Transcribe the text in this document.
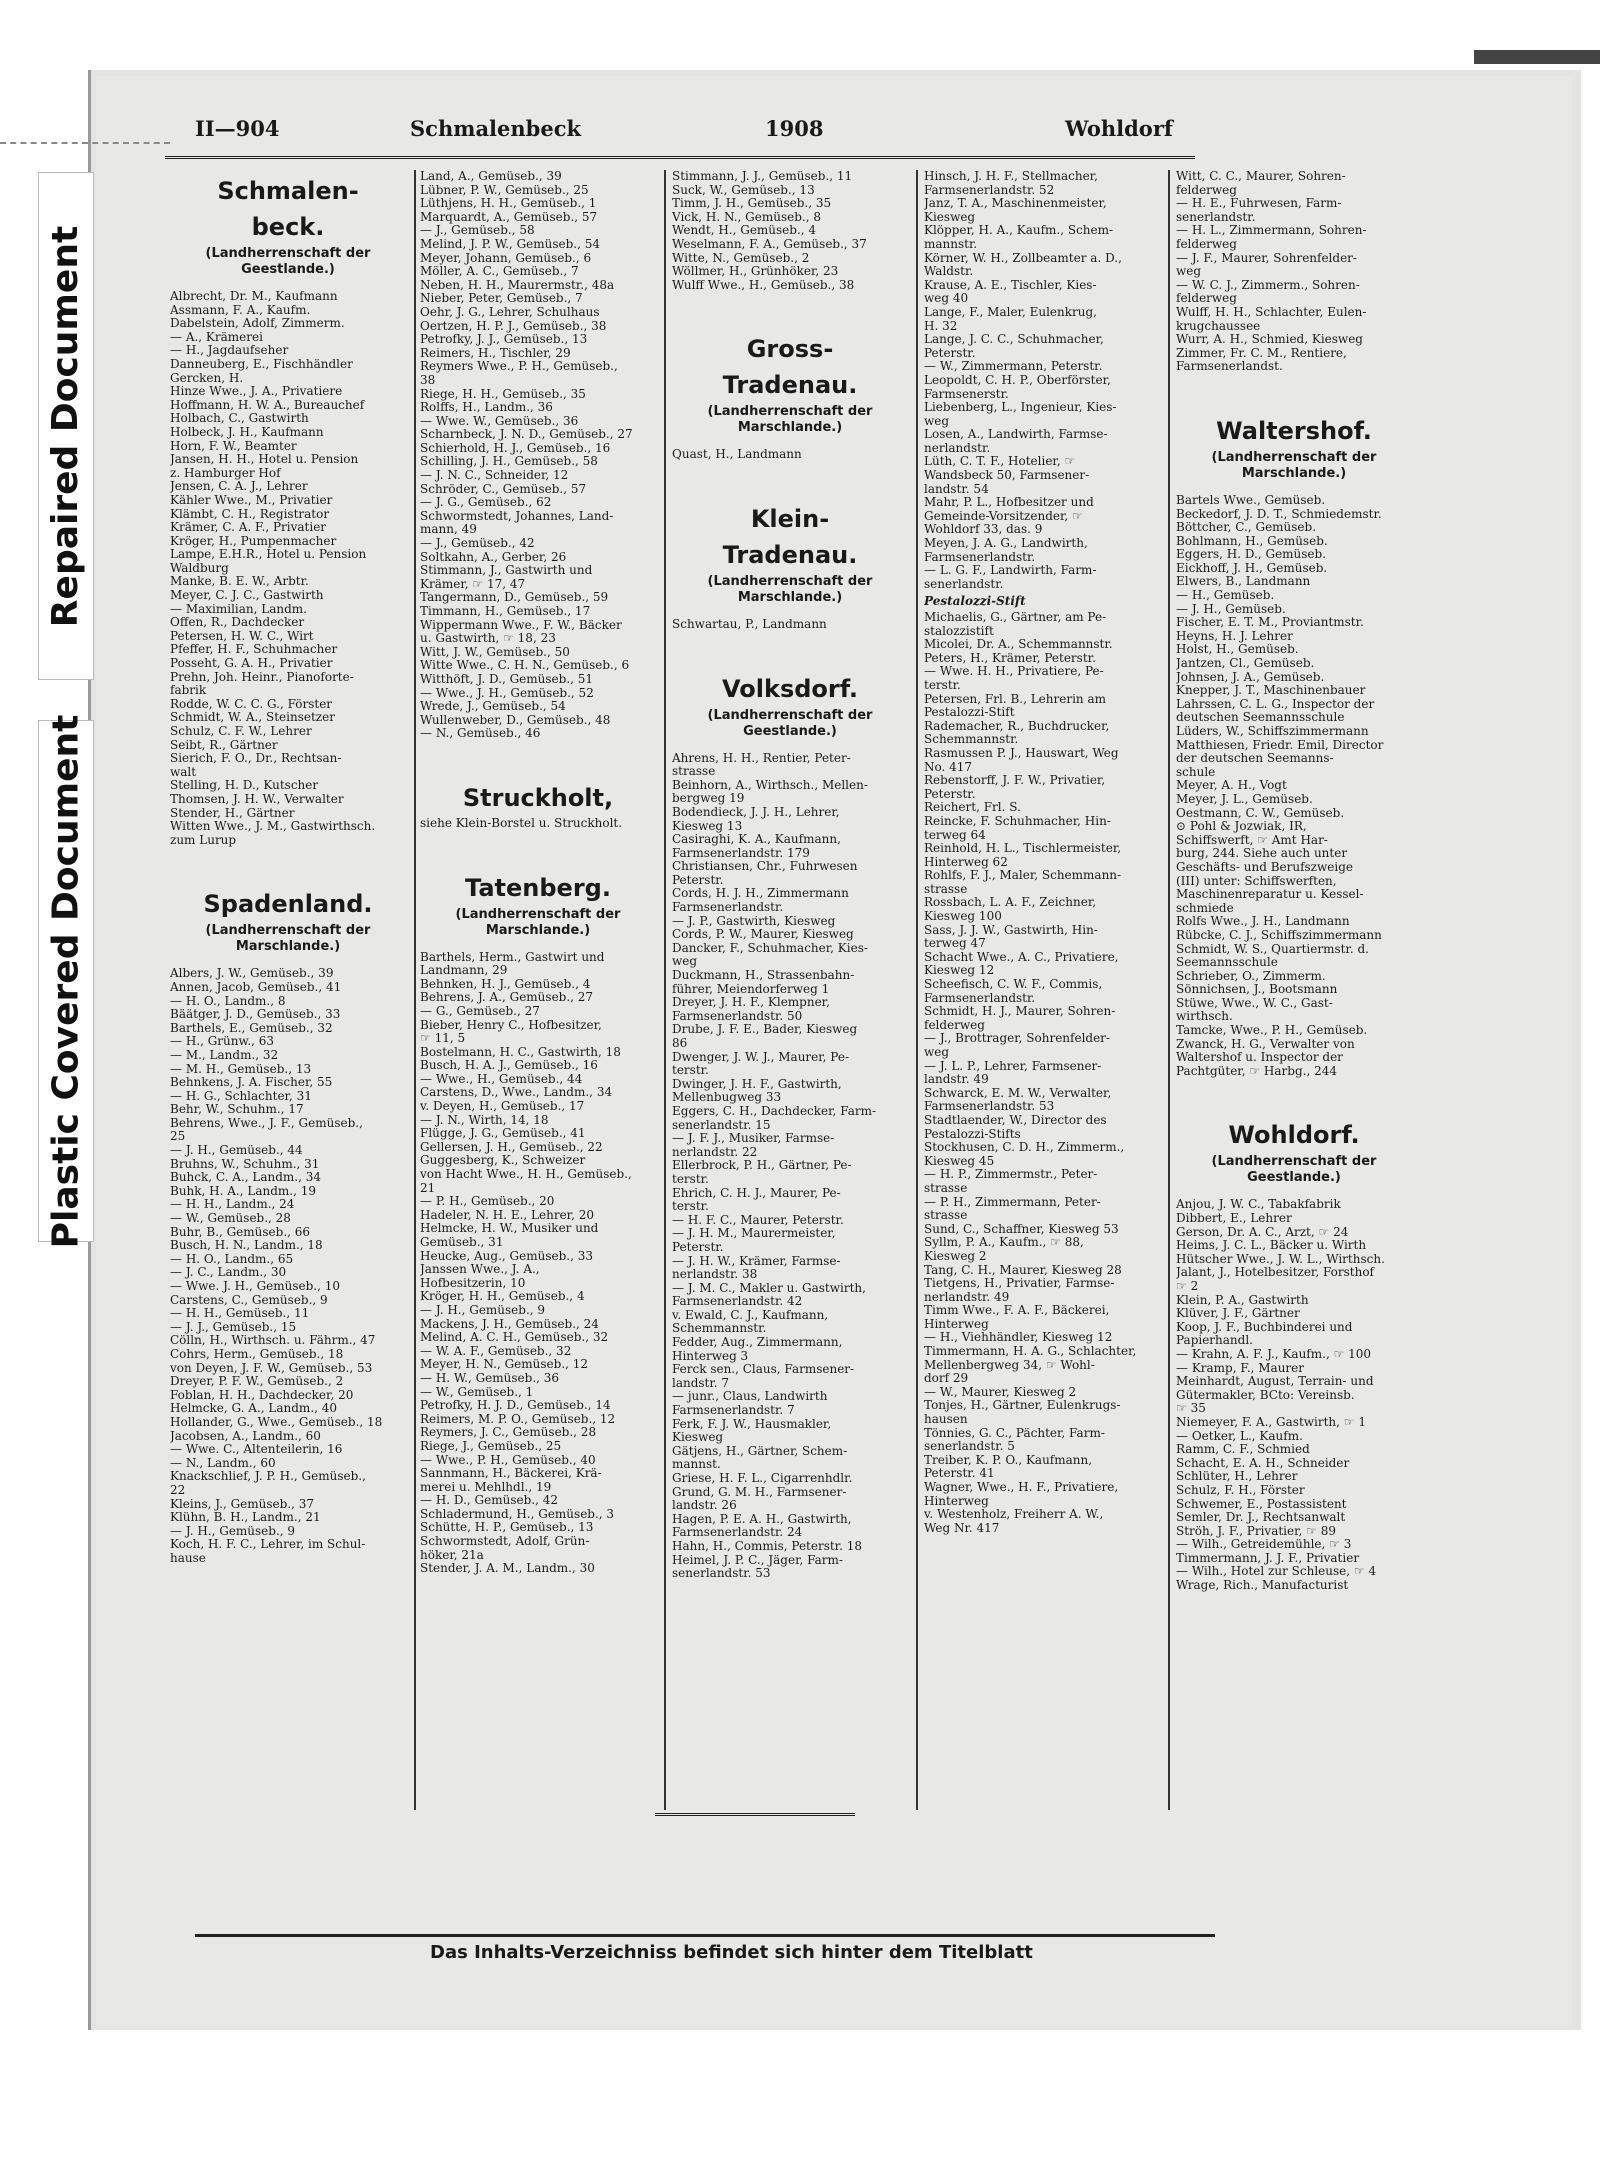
Repaired Document
Plastic Covered Document
II—904	Schmalenbeck	1908	Wohldorf
Schmalen-
beck.
(Landherrenschaft der Geestlande.)
Albrecht, Dr. M., Kaufmann
Assmann, F. A., Kaufm.
Dabelstein, Adolf, Zimmerm.
— A., Krämerei
— H., Jagdaufseher
Danneuberg, E., Fischhändler
Gercken, H.
Hinze Wwe., J. A., Privatiere
Hoffmann, H. W. A., Bureauchef
Holbach, C., Gastwirth
Holbeck, J. H., Kaufmann
Horn, F. W., Beamter
Jansen, H. H., Hotel u. Pension
z. Hamburger Hof
Jensen, C. A. J., Lehrer
Kähler Wwe., M., Privatier
Klämbt, C. H., Registrator
Krämer, C. A. F., Privatier
Kröger, H., Pumpenmacher
Lampe, E.H.R., Hotel u. Pension
Waldburg
Manke, B. E. W., Arbtr.
Meyer, C. J. C., Gastwirth
— Maximilian, Landm.
Offen, R., Dachdecker
Petersen, H. W. C., Wirt
Pfeffer, H. F., Schuhmacher
Posseht, G. A. H., Privatier
Prehn, Joh. Heinr., Pianoforte-
fabrik
Rodde, W. C. C. G., Förster
Schmidt, W. A., Steinsetzer
Schulz, C. F. W., Lehrer
Seibt, R., Gärtner
Sierich, F. O., Dr., Rechtsan-
walt
Stelling, H. D., Kutscher
Thomsen, J. H. W., Verwalter
Stender, H., Gärtner
Witten Wwe., J. M., Gastwirthsch.
zum Lurup
Spadenland.
(Landherrenschaft der Marschlande.)
Albers, J. W., Gemüseb., 39
Annen, Jacob, Gemüseb., 41
— H. O., Landm., 8
Bäätger, J. D., Gemüseb., 33
Barthels, E., Gemüseb., 32
— H., Grünw., 63
— M., Landm., 32
— M. H., Gemüseb., 13
Behnkens, J. A. Fischer, 55
— H. G., Schlachter, 31
Behr, W., Schuhm., 17
Behrens, Wwe., J. F., Gemüseb.,
25
— J. H., Gemüseb., 44
Bruhns, W., Schuhm., 31
Buhck, C. A., Landm., 34
Buhk, H. A., Landm., 19
— H. H., Landm., 24
— W., Gemüseb., 28
Buhr, B., Gemüseb., 66
Busch, H. N., Landm., 18
— H. O., Landm., 65
— J. C., Landm., 30
— Wwe. J. H., Gemüseb., 10
Carstens, C., Gemüseb., 9
— H. H., Gemüseb., 11
— J. J., Gemüseb., 15
Cölln, H., Wirthsch. u. Fährm., 47
Cohrs, Herm., Gemüseb., 18
von Deyen, J. F. W., Gemüseb., 53
Dreyer, P. F. W., Gemüseb., 2
Foblan, H. H., Dachdecker, 20
Helmcke, G. A., Landm., 40
Hollander, G., Wwe., Gemüseb., 18
Jacobsen, A., Landm., 60
— Wwe. C., Altenteilerin, 16
— N., Landm., 60
Knackschlief, J. P. H., Gemüseb.,
22
Kleins, J., Gemüseb., 37
Klühn, B. H., Landm., 21
— J. H., Gemüseb., 9
Koch, H. F. C., Lehrer, im Schul-
hause
Land, A., Gemüseb., 39
Lübner, P. W., Gemüseb., 25
Lüthjens, H. H., Gemüseb., 1
Marquardt, A., Gemüseb., 57
— J., Gemüseb., 58
Melind, J. P. W., Gemüseb., 54
Meyer, Johann, Gemüseb., 6
Möller, A. C., Gemüseb., 7
Neben, H. H., Maurermstr., 48a
Nieber, Peter, Gemüseb., 7
Oehr, J. G., Lehrer, Schulhaus
Oertzen, H. P. J., Gemüseb., 38
Petrofky, J. J., Gemüseb., 13
Reimers, H., Tischler, 29
Reymers Wwe., P. H., Gemüseb.,
38
Riege, H. H., Gemüseb., 35
Rolffs, H., Landm., 36
— Wwe. W., Gemüseb., 36
Scharnbeck, J. N. D., Gemüseb., 27
Schierhold, H. J., Gemüseb., 16
Schilling, J. H., Gemüseb., 58
— J. N. C., Schneider, 12
Schröder, C., Gemüseb., 57
— J. G., Gemüseb., 62
Schwormstedt, Johannes, Land-
mann, 49
— J., Gemüseb., 42
Soltkahn, A., Gerber, 26
Stimmann, J., Gastwirth und
Krämer, ☞ 17, 47
Tangermann, D., Gemüseb., 59
Timmann, H., Gemüseb., 17
Wippermann Wwe., F. W., Bäcker
u. Gastwirth, ☞ 18, 23
Witt, J. W., Gemüseb., 50
Witte Wwe., C. H. N., Gemüseb., 6
Witthöft, J. D., Gemüseb., 51
— Wwe., J. H., Gemüseb., 52
Wrede, J., Gemüseb., 54
Wullenweber, D., Gemüseb., 48
— N., Gemüseb., 46
Struckholt,
siehe Klein-Borstel u. Struckholt.
Tatenberg.
(Landherrenschaft der Marschlande.)
Barthels, Herm., Gastwirt und
Landmann, 29
Behnken, H. J., Gemüseb., 4
Behrens, J. A., Gemüseb., 27
— G., Gemüseb., 27
Bieber, Henry C., Hofbesitzer,
☞ 11, 5
Bostelmann, H. C., Gastwirth, 18
Busch, H. A. J., Gemüseb., 16
— Wwe., H., Gemüseb., 44
Carstens, D., Wwe., Landm., 34
v. Deyen, H., Gemüseb., 17
— J. N., Wirth, 14, 18
Flügge, J. G., Gemüseb., 41
Gellersen, J. H., Gemüseb., 22
Guggesberg, K., Schweizer
von Hacht Wwe., H. H., Gemüseb.,
21
— P. H., Gemüseb., 20
Hadeler, N. H. E., Lehrer, 20
Helmcke, H. W., Musiker und
Gemüseb., 31
Heucke, Aug., Gemüseb., 33
Janssen Wwe., J. A.,
Hofbesitzerin, 10
Kröger, H. H., Gemüseb., 4
— J. H., Gemüseb., 9
Mackens, J. H., Gemüseb., 24
Melind, A. C. H., Gemüseb., 32
— W. A. F., Gemüseb., 32
Meyer, H. N., Gemüseb., 12
— H. W., Gemüseb., 36
— W., Gemüseb., 1
Petrofky, H. J. D., Gemüseb., 14
Reimers, M. P. O., Gemüseb., 12
Reymers, J. C., Gemüseb., 28
Riege, J., Gemüseb., 25
— Wwe., P. H., Gemüseb., 40
Sannmann, H., Bäckerei, Krä-
merei u. Mehlhdl., 19
— H. D., Gemüseb., 42
Schladermund, H., Gemüseb., 3
Schütte, H. P., Gemüseb., 13
Schwormstedt, Adolf, Grün-
höker, 21a
Stender, J. A. M., Landm., 30
Stimmann, J. J., Gemüseb., 11
Suck, W., Gemüseb., 13
Timm, J. H., Gemüseb., 35
Vick, H. N., Gemüseb., 8
Wendt, H., Gemüseb., 4
Weselmann, F. A., Gemüseb., 37
Witte, N., Gemüseb., 2
Wöllmer, H., Grünhöker, 23
Wulff Wwe., H., Gemüseb., 38
Gross-
Tradenau.
(Landherrenschaft der Marschlande.)
Quast, H., Landmann
Klein-
Tradenau.
(Landherrenschaft der Marschlande.)
Schwartau, P., Landmann
Volksdorf.
(Landherrenschaft der Geestlande.)
Ahrens, H. H., Rentier, Peter-
strasse
Beinhorn, A., Wirthsch., Mellen-
bergweg 19
Bodendieck, J. J. H., Lehrer,
Kiesweg 13
Casiraghi, K. A., Kaufmann,
Farmsenerlandstr. 179
Christiansen, Chr., Fuhrwesen
Peterstr.
Cords, H. J. H., Zimmermann
Farmsenerlandstr.
— J. P., Gastwirth, Kiesweg
Cords, P. W., Maurer, Kiesweg
Dancker, F., Schuhmacher, Kies-
weg
Duckmann, H., Strassenbahn-
führer, Meiendorferweg 1
Dreyer, J. H. F., Klempner,
Farmsenerlandstr. 50
Drube, J. F. E., Bader, Kiesweg
86
Dwenger, J. W. J., Maurer, Pe-
terstr.
Dwinger, J. H. F., Gastwirth,
Mellenbugweg 33
Eggers, C. H., Dachdecker, Farm-
senerlandstr. 15
— J. F. J., Musiker, Farmse-
nerlandstr. 22
Ellerbrock, P. H., Gärtner, Pe-
terstr.
Ehrich, C. H. J., Maurer, Pe-
terstr.
— H. F. C., Maurer, Peterstr.
— J. H. M., Maurermeister,
Peterstr.
— J. H. W., Krämer, Farmse-
nerlandstr. 38
— J. M. C., Makler u. Gastwirth,
Farmsenerlandstr. 42
v. Ewald, C. J., Kaufmann,
Schemmannstr.
Fedder, Aug., Zimmermann,
Hinterweg 3
Ferck sen., Claus, Farmsener-
landstr. 7
— junr., Claus, Landwirth
Farmsenerlandstr. 7
Ferk, F. J. W., Hausmakler,
Kiesweg
Gätjens, H., Gärtner, Schem-
mannst.
Griese, H. F. L., Cigarrenhdlr.
Grund, G. M. H., Farmsener-
landstr. 26
Hagen, P. E. A. H., Gastwirth,
Farmsenerlandstr. 24
Hahn, H., Commis, Peterstr. 18
Heimel, J. P. C., Jäger, Farm-
senerlandstr. 53
Hinsch, J. H. F., Stellmacher,
Farmsenerlandstr. 52
Janz, T. A., Maschinenmeister,
Kiesweg
Klöpper, H. A., Kaufm., Schem-
mannstr.
Körner, W. H., Zollbeamter a. D.,
Waldstr.
Krause, A. E., Tischler, Kies-
weg 40
Lange, F., Maler, Eulenkrug,
H. 32
Lange, J. C. C., Schuhmacher,
Peterstr.
— W., Zimmermann, Peterstr.
Leopoldt, C. H. P., Oberförster,
Farmsenerstr.
Liebenberg, L., Ingenieur, Kies-
weg
Losen, A., Landwirth, Farmse-
nerlandstr.
Lüth, C. T. F., Hotelier, ☞
Wandsbeck 50, Farmsener-
landstr. 54
Mahr, P. L., Hofbesitzer und
Gemeinde-Vorsitzender, ☞
Wohldorf 33, das. 9
Meyen, J. A. G., Landwirth,
Farmsenerlandstr.
— L. G. F., Landwirth, Farm-
senerlandstr.
Pestalozzi-Stift
Michaelis, G., Gärtner, am Pe-
stalozzistift
Micolei, Dr. A., Schemmannstr.
Peters, H., Krämer, Peterstr.
— Wwe. H. H., Privatiere, Pe-
terstr.
Petersen, Frl. B., Lehrerin am
Pestalozzi-Stift
Rademacher, R., Buchdrucker,
Schemmannstr.
Rasmussen P. J., Hauswart, Weg
No. 417
Rebenstorff, J. F. W., Privatier,
Peterstr.
Reichert, Frl. S.
Reincke, F. Schuhmacher, Hin-
terweg 64
Reinhold, H. L., Tischlermeister,
Hinterweg 62
Rohlfs, F. J., Maler, Schemmann-
strasse
Rossbach, L. A. F., Zeichner,
Kiesweg 100
Sass, J. J. W., Gastwirth, Hin-
terweg 47
Schacht Wwe., A. C., Privatiere,
Kiesweg 12
Scheefisch, C. W. F., Commis,
Farmsenerlandstr.
Schmidt, H. J., Maurer, Sohren-
felderweg
— J., Brottrager, Sohrenfelder-
weg
— J. L. P., Lehrer, Farmsener-
landstr. 49
Schwarck, E. M. W., Verwalter,
Farmsenerlandstr. 53
Stadtlaender, W., Director des
Pestalozzi-Stifts
Stockhusen, C. D. H., Zimmerm.,
Kiesweg 45
— H. P., Zimmermstr., Peter-
strasse
— P. H., Zimmermann, Peter-
strasse
Sund, C., Schaffner, Kiesweg 53
Syllm, P. A., Kaufm., ☞ 88,
Kiesweg 2
Tang, C. H., Maurer, Kiesweg 28
Tietgens, H., Privatier, Farmse-
nerlandstr. 49
Timm Wwe., F. A. F., Bäckerei,
Hinterweg
— H., Viehhändler, Kiesweg 12
Timmermann, H. A. G., Schlachter,
Mellenbergweg 34, ☞ Wohl-
dorf 29
— W., Maurer, Kiesweg 2
Tonjes, H., Gärtner, Eulenkrugs-
hausen
Tönnies, G. C., Pächter, Farm-
senerlandstr. 5
Treiber, K. P. O., Kaufmann,
Peterstr. 41
Wagner, Wwe., H. F., Privatiere,
Hinterweg
v. Westenholz, Freiherr A. W.,
Weg Nr. 417
Witt, C. C., Maurer, Sohren-
felderweg
— H. E., Fuhrwesen, Farm-
senerlandstr.
— H. L., Zimmermann, Sohren-
felderweg
— J. F., Maurer, Sohrenfelder-
weg
— W. C. J., Zimmerm., Sohren-
felderweg
Wulff, H. H., Schlachter, Eulen-
krugchaussee
Wurr, A. H., Schmied, Kiesweg
Zimmer, Fr. C. M., Rentiere,
Farmsenerlandst.
Waltershof.
(Landherrenschaft der Marschlande.)
Bartels Wwe., Gemüseb.
Beckedorf, J. D. T., Schmiedemstr.
Böttcher, C., Gemüseb.
Bohlmann, H., Gemüseb.
Eggers, H. D., Gemüseb.
Eickhoff, J. H., Gemüseb.
Elwers, B., Landmann
— H., Gemüseb.
— J. H., Gemüseb.
Fischer, E. T. M., Proviantmstr.
Heyns, H. J. Lehrer
Holst, H., Gemüseb.
Jantzen, Cl., Gemüseb.
Johnsen, J. A., Gemüseb.
Knepper, J. T., Maschinenbauer
Lahrssen, C. L. G., Inspector der
deutschen Seemannsschule
Lüders, W., Schiffszimmermann
Matthiesen, Friedr. Emil, Director
der deutschen Seemanns-
schule
Meyer, A. H., Vogt
Meyer, J. L., Gemüseb.
Oestmann, C. W., Gemüseb.
⊙ Pohl & Jozwiak, IR,
Schiffswerft, ☞ Amt Har-
burg, 244. Siehe auch unter
Geschäfts- und Berufszweige
(III) unter: Schiffswerften,
Maschinenreparatur u. Kessel-
schmiede
Rolfs Wwe., J. H., Landmann
Rübcke, C. J., Schiffszimmermann
Schmidt, W. S., Quartiermstr. d.
Seemannsschule
Schrieber, O., Zimmerm.
Sönnichsen, J., Bootsmann
Stüwe, Wwe., W. C., Gast-
wirthsch.
Tamcke, Wwe., P. H., Gemüseb.
Zwanck, H. G., Verwalter von
Waltershof u. Inspector der
Pachtgüter, ☞ Harbg., 244
Wohldorf.
(Landherrenschaft der Geestlande.)
Anjou, J. W. C., Tabakfabrik
Dibbert, E., Lehrer
Gerson, Dr. A. C., Arzt, ☞ 24
Heims, J. C. L., Bäcker u. Wirth
Hütscher Wwe., J. W. L., Wirthsch.
Jalant, J., Hotelbesitzer, Forsthof
☞ 2
Klein, P. A., Gastwirth
Klüver, J. F., Gärtner
Koop, J. F., Buchbinderei und
Papierhandl.
— Krahn, A. F. J., Kaufm., ☞ 100
— Kramp, F., Maurer
Meinhardt, August, Terrain- und
Gütermakler, BCto: Vereinsb.
☞ 35
Niemeyer, F. A., Gastwirth, ☞ 1
— Oetker, L., Kaufm.
Ramm, C. F., Schmied
Schacht, E. A. H., Schneider
Schlüter, H., Lehrer
Schulz, F. H., Förster
Schwemer, E., Postassistent
Semler, Dr. J., Rechtsanwalt
Ströh, J. F., Privatier, ☞ 89
— Wilh., Getreidemühle, ☞ 3
Timmermann, J. J. F., Privatier
— Wilh., Hotel zur Schleuse, ☞ 4
Wrage, Rich., Manufacturist
Das Inhalts-Verzeichniss befindet sich hinter dem Titelblatt
